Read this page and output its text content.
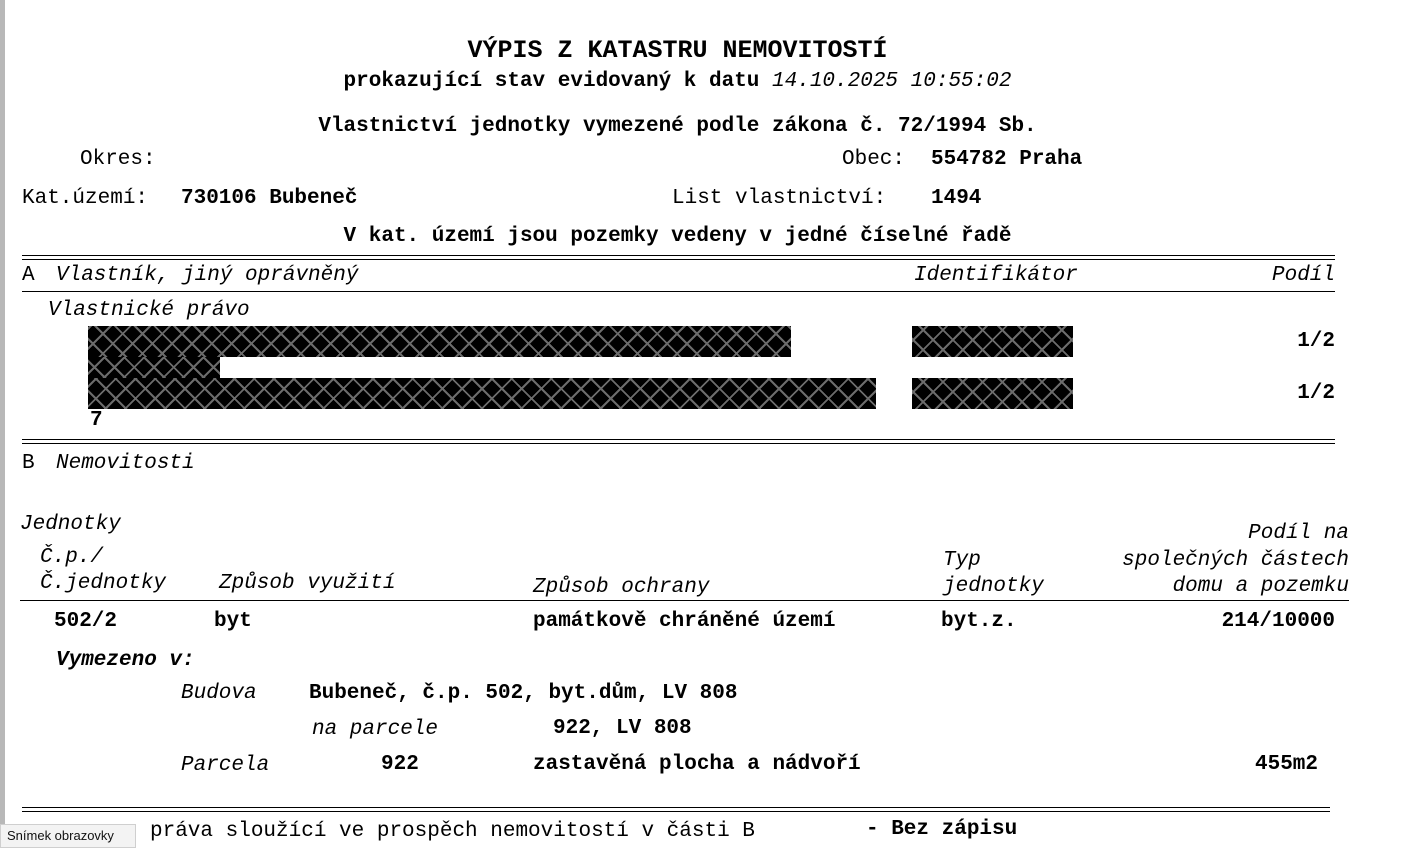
VÝPIS Z KATASTRU NEMOVITOSTÍ
prokazující stav evidovaný k datu 14.10.2025 10:55:02
Vlastnictví jednotky vymezené podle zákona č. 72/1994 Sb.
Okres:	Obec: 554782 Praha
Kat.území: 730106 Bubeneč	List vlastnictví: 1494
V kat. území jsou pozemky vedeny v jedné číselné řadě
A Vlastník, jiný oprávněný	Identifikátor	Podíl
Vlastnické právo
1/2
1/2
7
B Nemovitosti
Jednotky
Č.p./
Č.jednotky	Způsob využití	Způsob ochrany
Typ
jednotky
Podíl na
společných částech
domu a pozemku
502/2	byt	památkově chráněné území	byt.z.	214/10000
Vymezeno v:
Budova Bubeneč, č.p. 502, byt.dům, LV 808
na parcele	922, LV 808
Parcela	922	zastavěná plocha a nádvoří	455m2
práva sloužící ve prospěch nemovitostí v části B	- Bez zápisu
Snímek obrazovky
